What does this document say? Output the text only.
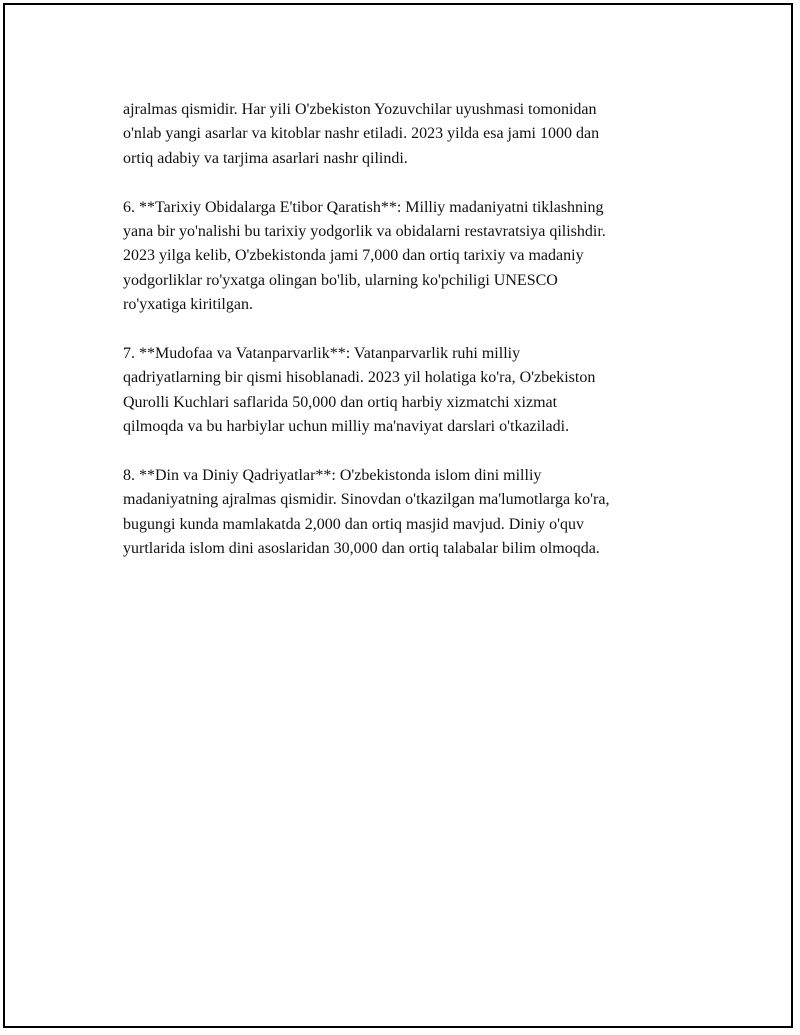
ajralmas qismidir. Har yili O'zbekiston Yozuvchilar uyushmasi tomonidan
o'nlab yangi asarlar va kitoblar nashr etiladi. 2023 yilda esa jami 1000 dan
ortiq adabiy va tarjima asarlari nashr qilindi.

6. **Tarixiy Obidalarga E'tibor Qaratish**: Milliy madaniyatni tiklashning
yana bir yo'nalishi bu tarixiy yodgorlik va obidalarni restavratsiya qilishdir.
2023 yilga kelib, O'zbekistonda jami 7,000 dan ortiq tarixiy va madaniy
yodgorliklar ro'yxatga olingan bo'lib, ularning ko'pchiligi UNESCO
ro'yxatiga kiritilgan.

7. **Mudofaa va Vatanparvarlik**: Vatanparvarlik ruhi milliy
qadriyatlarning bir qismi hisoblanadi. 2023 yil holatiga ko'ra, O'zbekiston
Qurolli Kuchlari saflarida 50,000 dan ortiq harbiy xizmatchi xizmat
qilmoqda va bu harbiylar uchun milliy ma'naviyat darslari o'tkaziladi.

8. **Din va Diniy Qadriyatlar**: O'zbekistonda islom dini milliy
madaniyatning ajralmas qismidir. Sinovdan o'tkazilgan ma'lumotlarga ko'ra,
bugungi kunda mamlakatda 2,000 dan ortiq masjid mavjud. Diniy o'quv
yurtlarida islom dini asoslaridan 30,000 dan ortiq talabalar bilim olmoqda.
